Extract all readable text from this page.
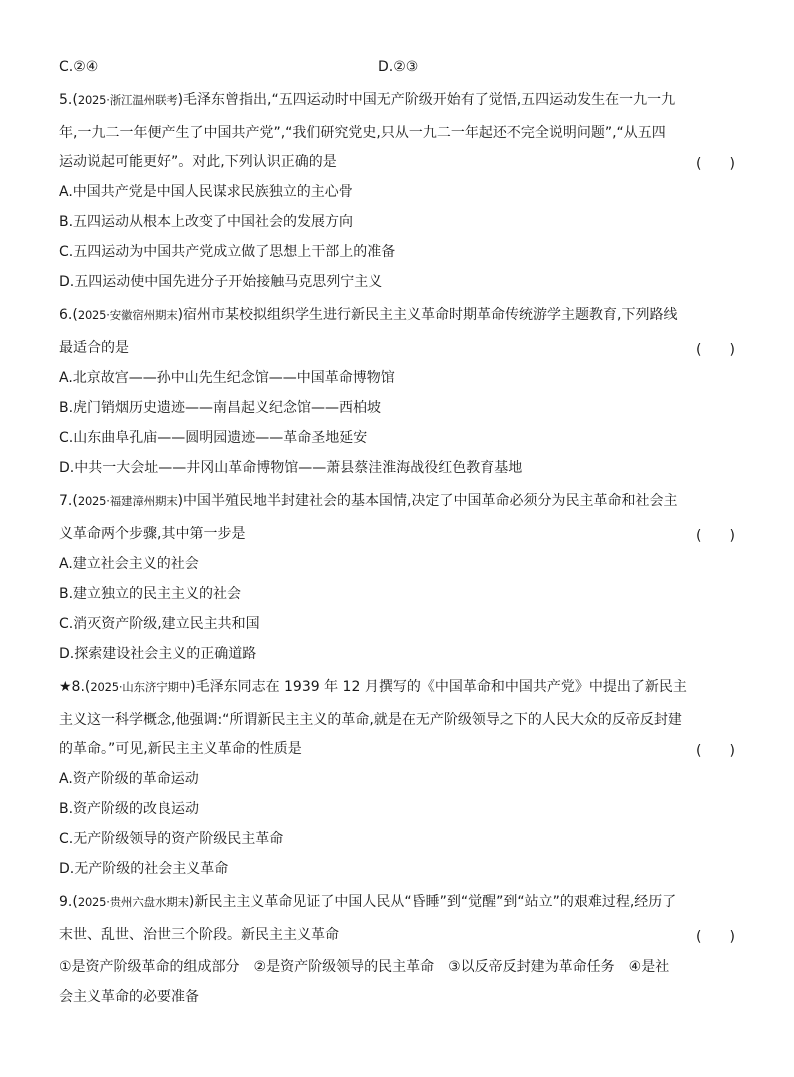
C.②④	D.②③
5.(2025·浙江温州联考)毛泽东曾指出,“五四运动时中国无产阶级开始有了觉悟,五四运动发生在一九一九
年,一九二一年便产生了中国共产党”,“我们研究党史,只从一九二一年起还不完全说明问题”,“从五四
运动说起可能更好”。对此,下列认识正确的是	(　　)
A.中国共产党是中国人民谋求民族独立的主心骨
B.五四运动从根本上改变了中国社会的发展方向
C.五四运动为中国共产党成立做了思想上干部上的准备
D.五四运动使中国先进分子开始接触马克思列宁主义
6.(2025·安徽宿州期末)宿州市某校拟组织学生进行新民主主义革命时期革命传统游学主题教育,下列路线
最适合的是	(　　)
A.北京故宫——孙中山先生纪念馆——中国革命博物馆
B.虎门销烟历史遗迹——南昌起义纪念馆——西柏坡
C.山东曲阜孔庙——圆明园遗迹——革命圣地延安
D.中共一大会址——井冈山革命博物馆——萧县蔡洼淮海战役红色教育基地
7.(2025·福建漳州期末)中国半殖民地半封建社会的基本国情,决定了中国革命必须分为民主革命和社会主
义革命两个步骤,其中第一步是	(　　)
A.建立社会主义的社会
B.建立独立的民主主义的社会
C.消灭资产阶级,建立民主共和国
D.探索建设社会主义的正确道路
★8.(2025·山东济宁期中)毛泽东同志在 1939 年 12 月撰写的《中国革命和中国共产党》中提出了新民主
主义这一科学概念,他强调:“所谓新民主主义的革命,就是在无产阶级领导之下的人民大众的反帝反封建
的革命。”可见,新民主主义革命的性质是	(　　)
A.资产阶级的革命运动
B.资产阶级的改良运动
C.无产阶级领导的资产阶级民主革命
D.无产阶级的社会主义革命
9.(2025·贵州六盘水期末)新民主主义革命见证了中国人民从“昏睡”到“觉醒”到“站立”的艰难过程,经历了
末世、乱世、治世三个阶段。新民主主义革命	(　　)
①是资产阶级革命的组成部分　②是资产阶级领导的民主革命　③以反帝反封建为革命任务　④是社
会主义革命的必要准备
